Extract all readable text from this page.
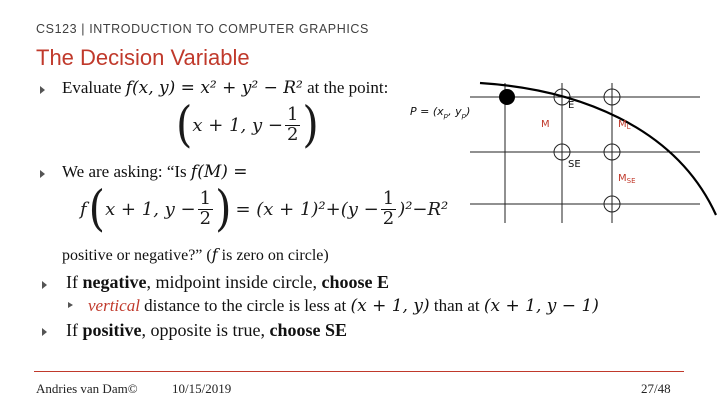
CS123 | INTRODUCTION TO COMPUTER GRAPHICS
The Decision Variable
Evaluate f(x, y) = x² + y² − R² at the point:
( x + 1, $y - \frac{1}{2}$ )
We are asking: “Is f(M) =
f ( x + 1, $y - \frac{1}{2}$ ) = $(x + 1)^2+(y - \frac{1}{2} )^2-R^2$
positive or negative?” (f is zero on circle)
If negative, midpoint inside circle, choose E
vertical distance to the circle is less at (x + 1, y) than at (x + 1, y − 1)
If positive, opposite is true, choose SE
$P = (x_p$, $y_p$)	E
M	$M_L$
SE
$M_{SE}$
Andries van Dam©	10/15/2019	27/48
